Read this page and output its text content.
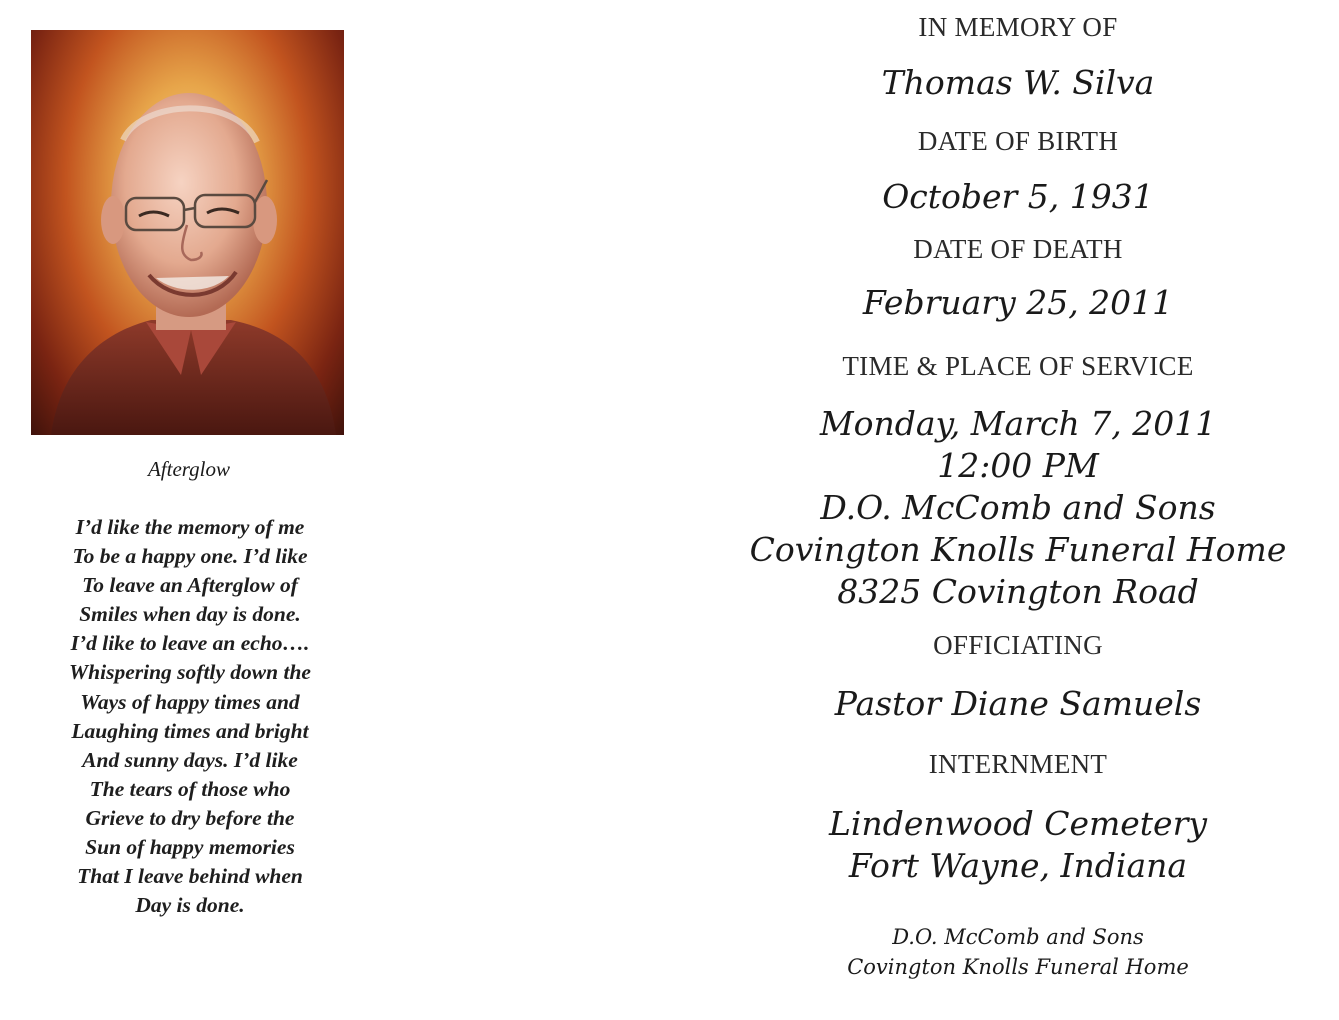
Afterglow
I’d like the memory of me
To be a happy one. I’d like
To leave an Afterglow of
Smiles when day is done.
I’d like to leave an echo….
Whispering softly down the
Ways of happy times and
Laughing times and bright
And sunny days. I’d like
The tears of those who
Grieve to dry before the
Sun of happy memories
That I leave behind when
Day is done.
IN MEMORY OF
Thomas W. Silva
DATE OF BIRTH
October 5, 1931
DATE OF DEATH
February 25, 2011
TIME & PLACE OF SERVICE
Monday, March 7, 2011
12:00 PM
D.O. McComb and Sons
Covington Knolls Funeral Home
8325 Covington Road
OFFICIATING
Pastor Diane Samuels
INTERNMENT
Lindenwood Cemetery
Fort Wayne, Indiana
D.O. McComb and Sons
Covington Knolls Funeral Home
